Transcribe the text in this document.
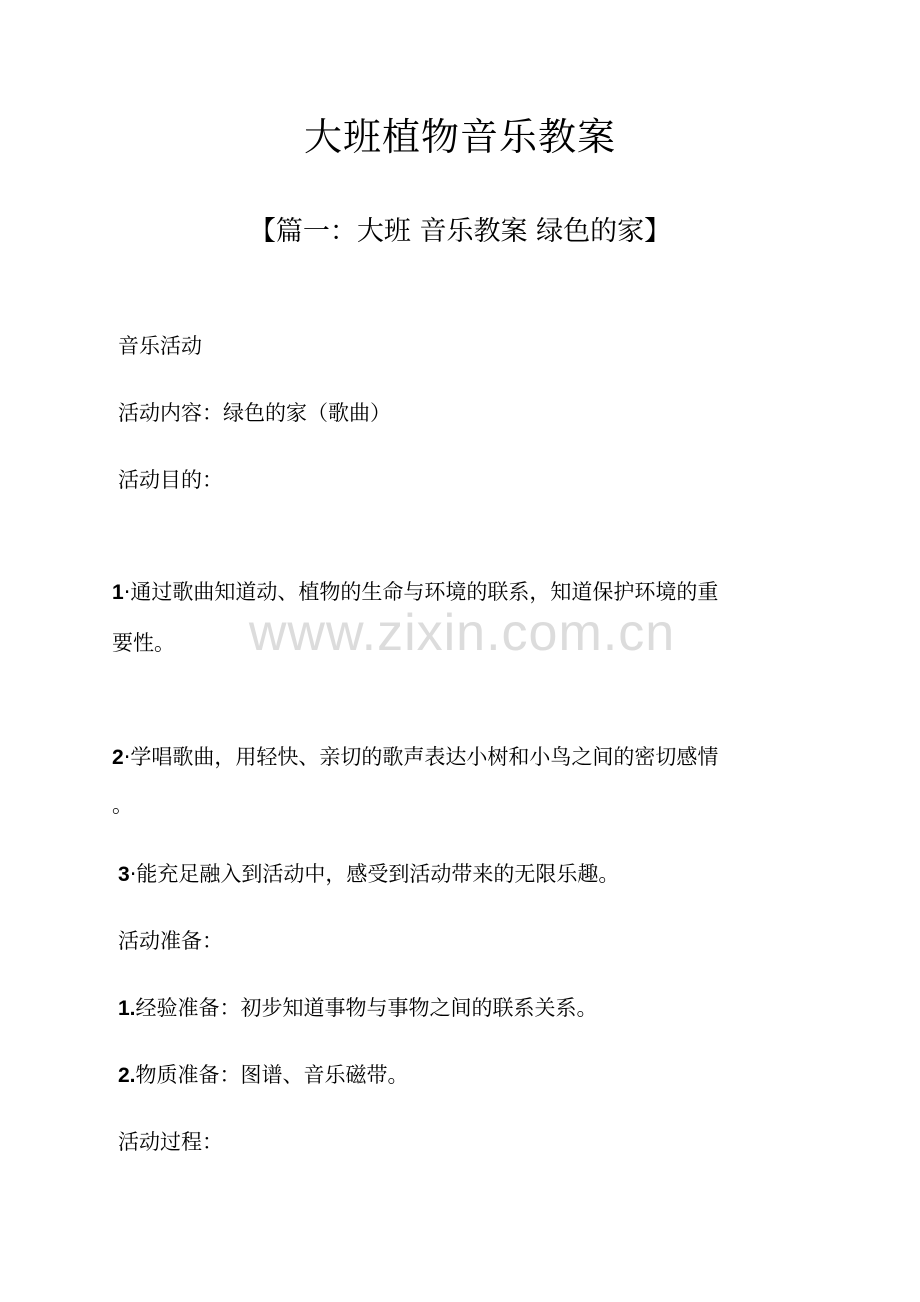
大班植物音乐教案
【篇一：大班 音乐教案 绿色的家】
音乐活动
活动内容：绿色的家（歌曲）
活动目的：
1·通过歌曲知道动、植物的生命与环境的联系，知道保护环境的重
要性。
2·学唱歌曲，用轻快、亲切的歌声表达小树和小鸟之间的密切感情
。
3·能充足融入到活动中，感受到活动带来的无限乐趣。
活动准备：
1.经验准备：初步知道事物与事物之间的联系关系。
2.物质准备：图谱、音乐磁带。
活动过程：
www.zixin.com.cn
